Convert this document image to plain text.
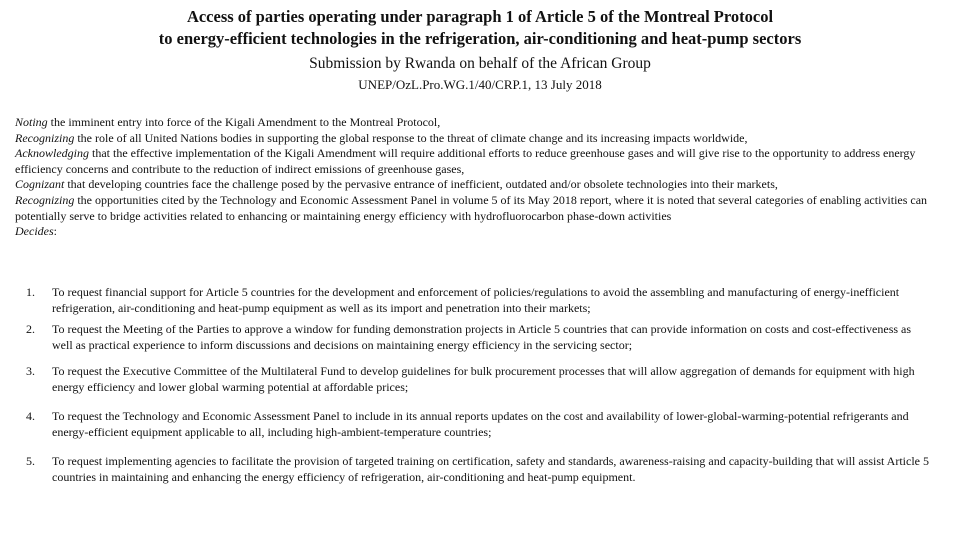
Access of parties operating under paragraph 1 of Article 5 of the Montreal Protocol
to energy-efficient technologies in the refrigeration, air-conditioning and heat-pump sectors
Submission by Rwanda on behalf of the African Group
UNEP/OzL.Pro.WG.1/40/CRP.1, 13 July 2018

Noting the imminent entry into force of the Kigali Amendment to the Montreal Protocol,

Recognizing the role of all United Nations bodies in supporting the global response to the threat of climate change and its increasing impacts worldwide,

Acknowledging that the effective implementation of the Kigali Amendment will require additional efforts to reduce greenhouse gases and will give rise to the opportunity to address energy efficiency concerns and contribute to the reduction of indirect emissions of greenhouse gases,

Cognizant that developing countries face the challenge posed by the pervasive entrance of inefficient, outdated and/or obsolete technologies into their markets,

Recognizing the opportunities cited by the Technology and Economic Assessment Panel in volume 5 of its May 2018 report, where it is noted that several categories of enabling activities can potentially serve to bridge activities related to enhancing or maintaining energy efficiency with hydrofluorocarbon phase-down activities

Decides:

1. To request financial support for Article 5 countries for the development and enforcement of policies/regulations to avoid the assembling and manufacturing of energy-inefficient refrigeration, air-conditioning and heat-pump equipment as well as its import and penetration into their markets;
2. To request the Meeting of the Parties to approve a window for funding demonstration projects in Article 5 countries that can provide information on costs and cost-effectiveness as well as practical experience to inform discussions and decisions on maintaining energy efficiency in the servicing sector;
3. To request the Executive Committee of the Multilateral Fund to develop guidelines for bulk procurement processes that will allow aggregation of demands for equipment with high energy efficiency and lower global warming potential at affordable prices;
4. To request the Technology and Economic Assessment Panel to include in its annual reports updates on the cost and availability of lower-global-warming-potential refrigerants and energy-efficient equipment applicable to all, including high-ambient-temperature countries;
5. To request implementing agencies to facilitate the provision of targeted training on certification, safety and standards, awareness-raising and capacity-building that will assist Article 5 countries in maintaining and enhancing the energy efficiency of refrigeration, air-conditioning and heat-pump equipment.
